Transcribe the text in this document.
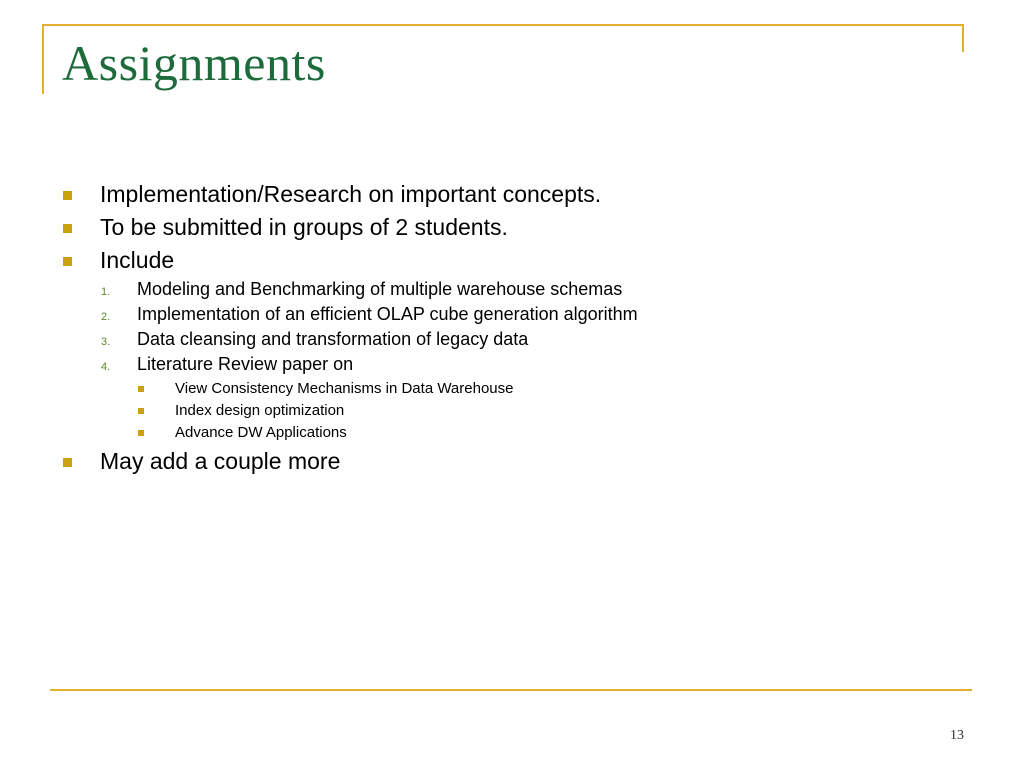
Assignments
Implementation/Research on important concepts.
To be submitted in groups of 2 students.
Include
1. Modeling and Benchmarking of multiple warehouse schemas
2. Implementation of an efficient OLAP cube generation algorithm
3. Data cleansing and transformation of legacy data
4. Literature Review paper on
View Consistency Mechanisms in Data Warehouse
Index design optimization
Advance DW Applications
May add a couple more
13
